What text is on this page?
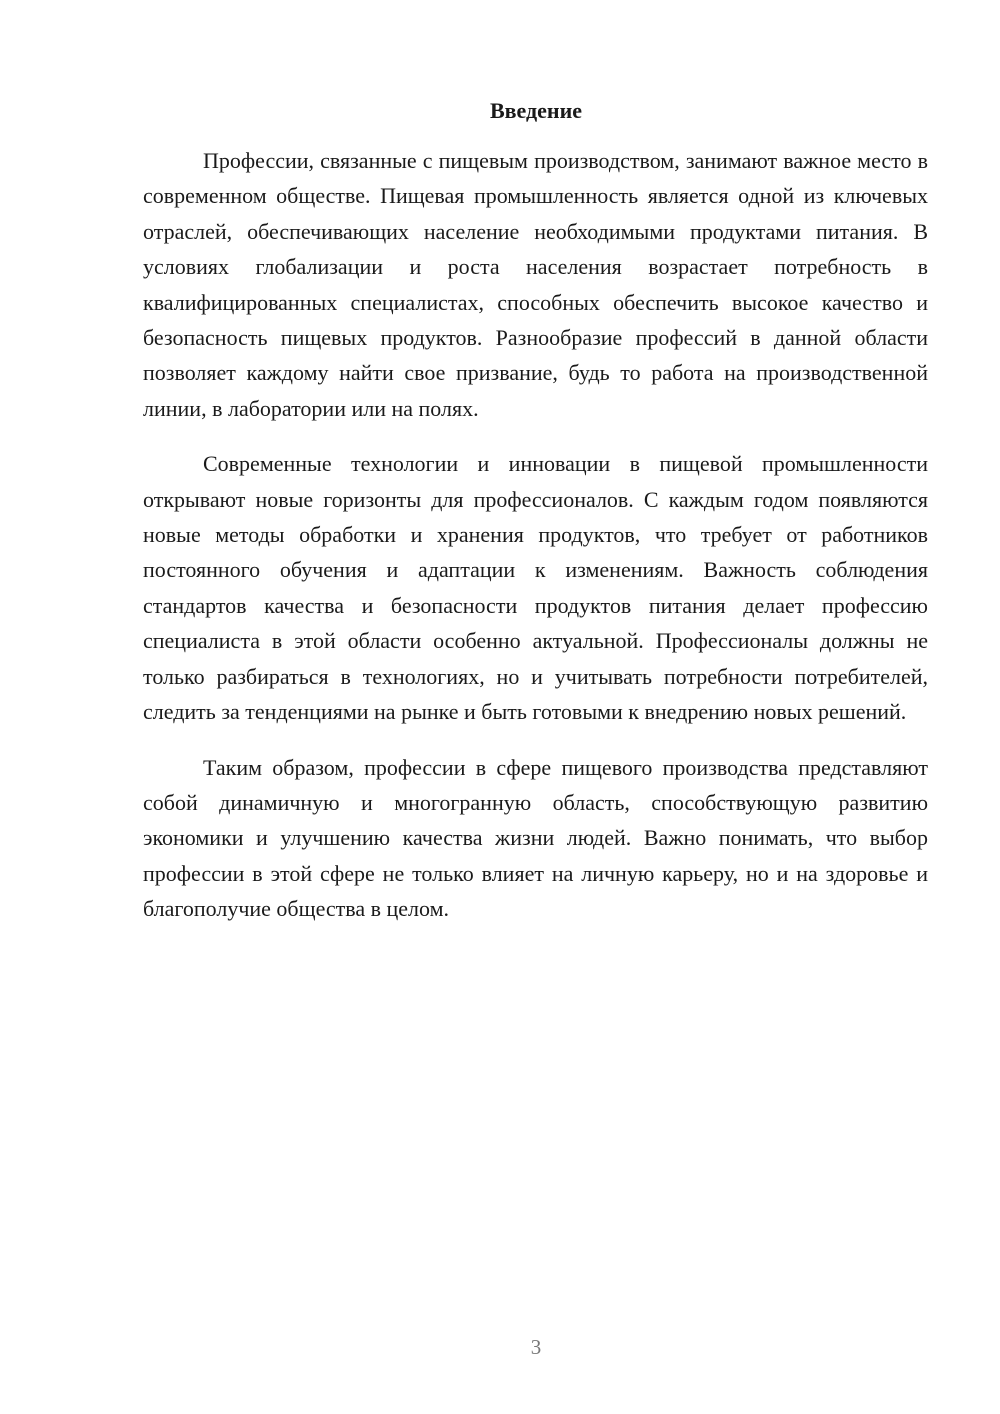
Введение

Профессии, связанные с пищевым производством, занимают важное место в современном обществе. Пищевая промышленность является одной из ключевых отраслей, обеспечивающих население необходимыми продуктами питания. В условиях глобализации и роста населения возрастает потребность в квалифицированных специалистах, способных обеспечить высокое качество и безопасность пищевых продуктов. Разнообразие профессий в данной области позволяет каждому найти свое призвание, будь то работа на производственной линии, в лаборатории или на полях.

Современные технологии и инновации в пищевой промышленности открывают новые горизонты для профессионалов. С каждым годом появляются новые методы обработки и хранения продуктов, что требует от работников постоянного обучения и адаптации к изменениям. Важность соблюдения стандартов качества и безопасности продуктов питания делает профессию специалиста в этой области особенно актуальной. Профессионалы должны не только разбираться в технологиях, но и учитывать потребности потребителей, следить за тенденциями на рынке и быть готовыми к внедрению новых решений.

Таким образом, профессии в сфере пищевого производства представляют собой динамичную и многогранную область, способствующую развитию экономики и улучшению качества жизни людей. Важно понимать, что выбор профессии в этой сфере не только влияет на личную карьеру, но и на здоровье и благополучие общества в целом.

3
